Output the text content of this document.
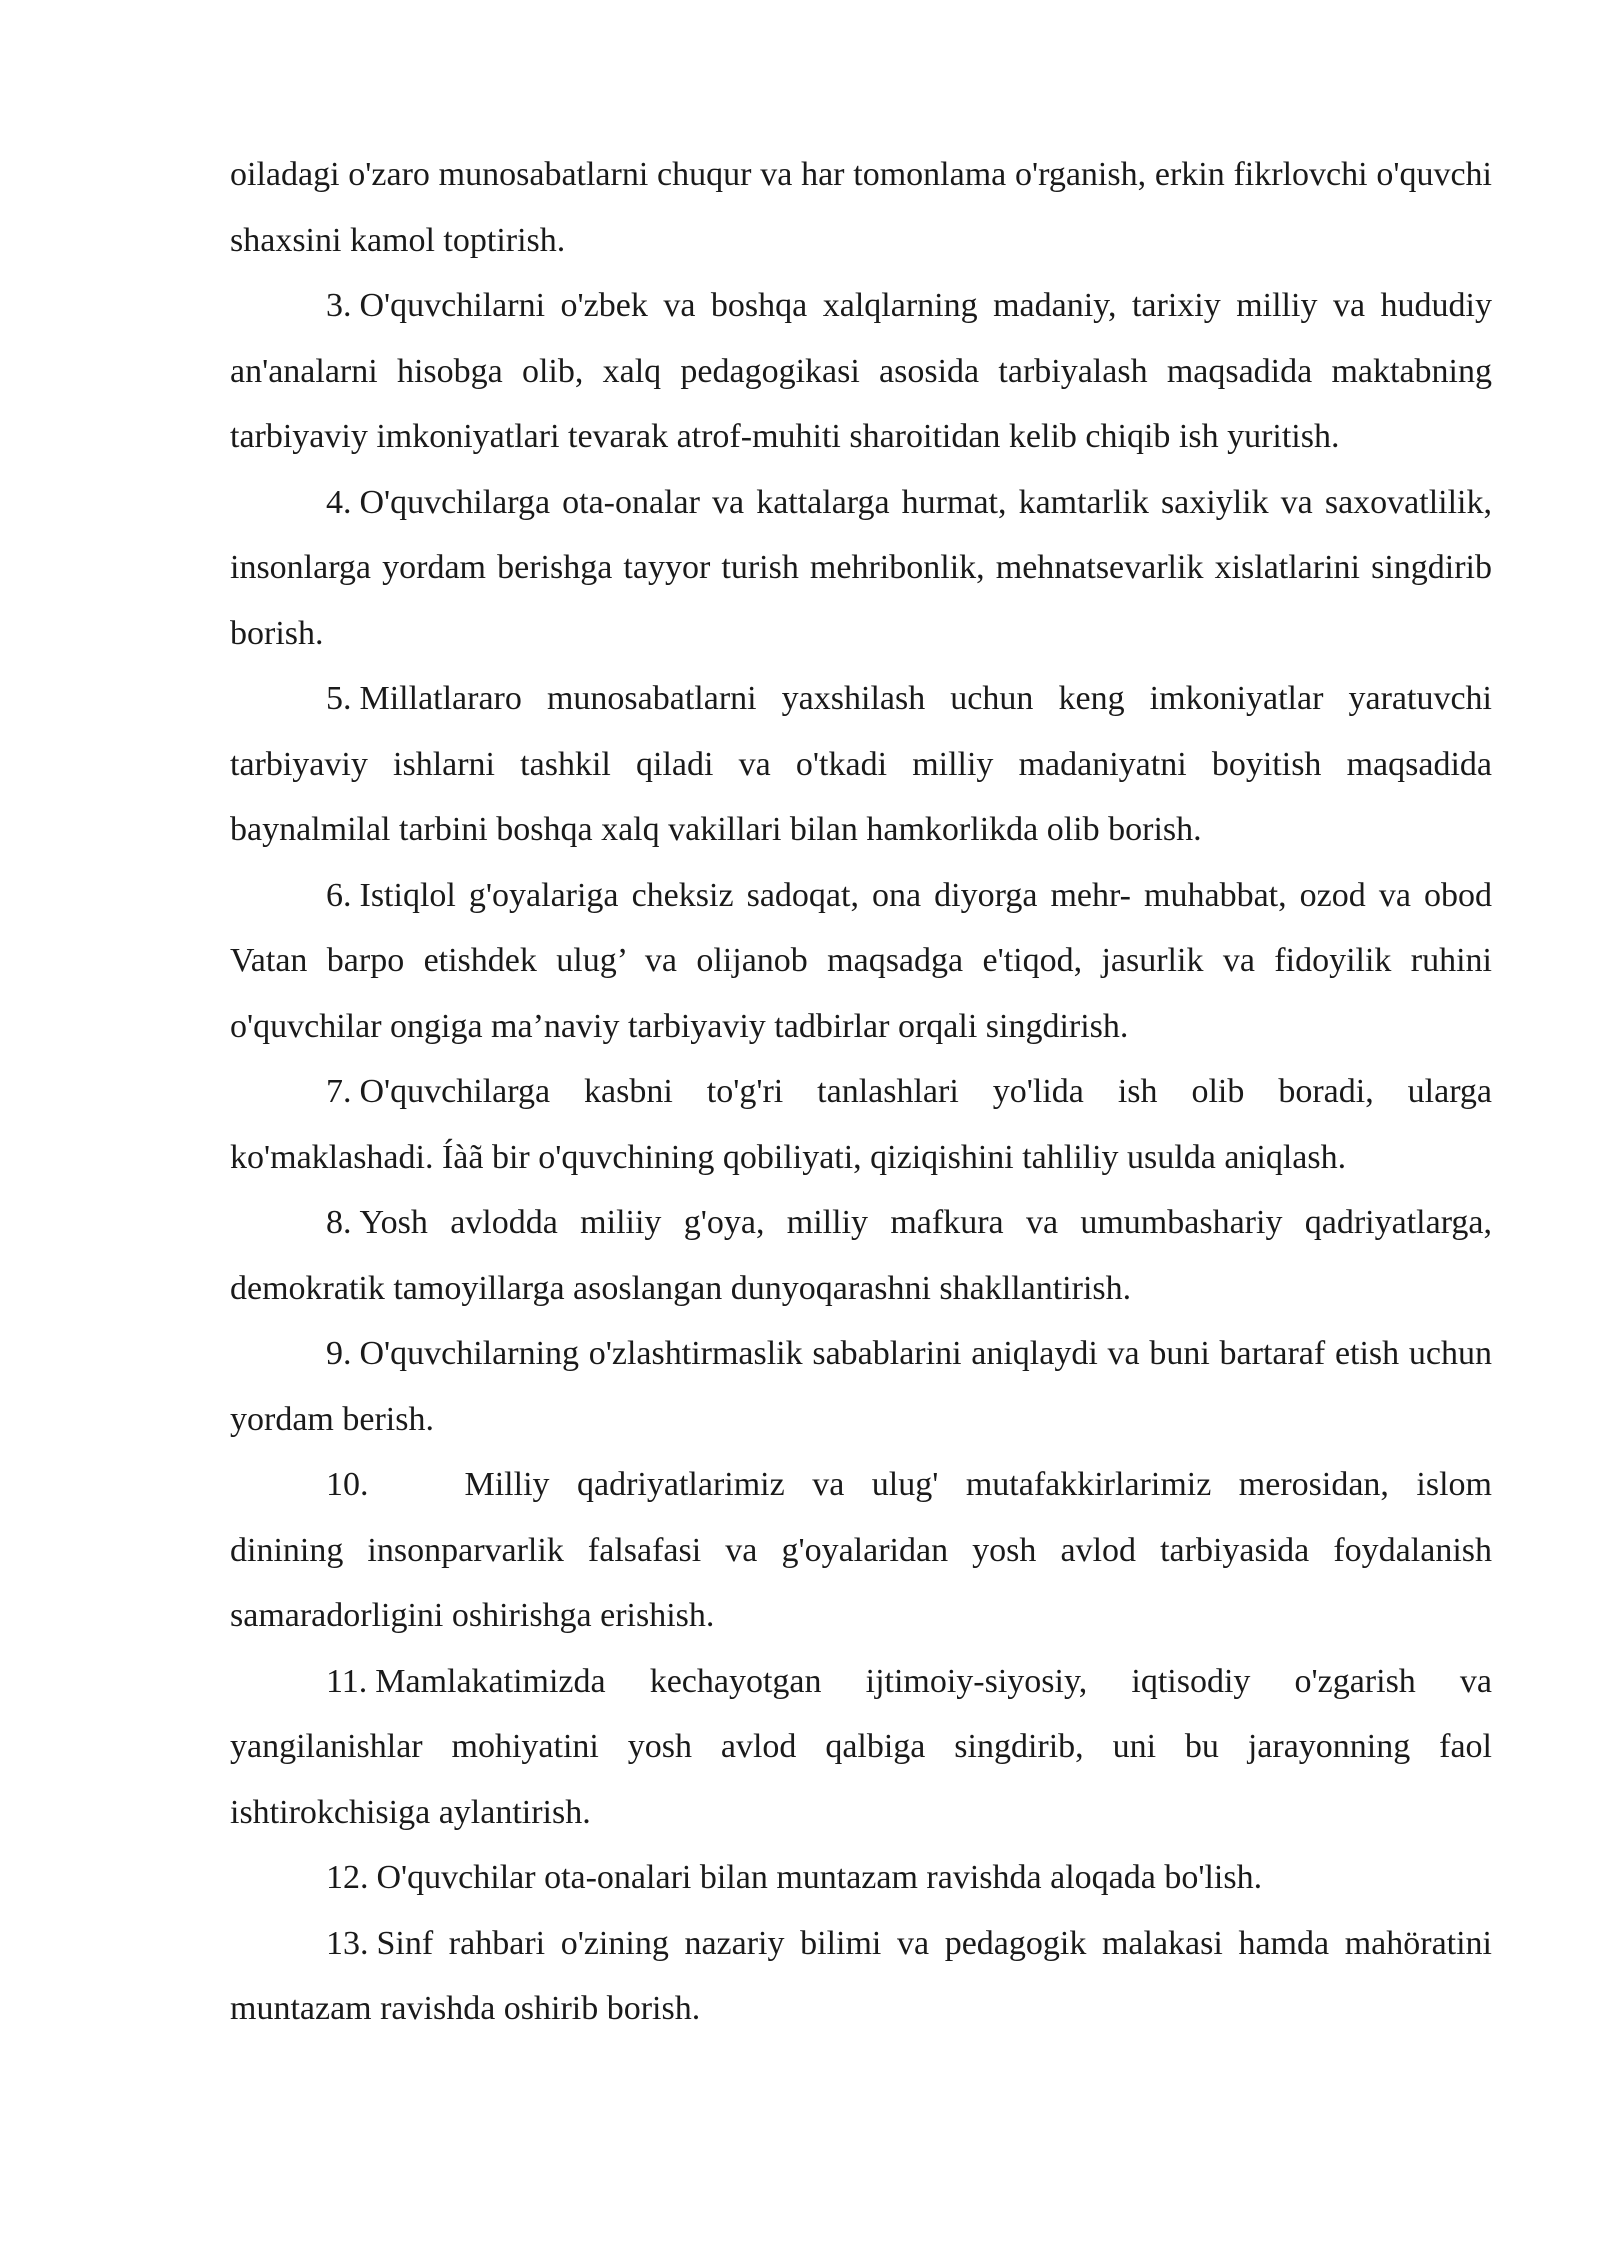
oiladagi o'zaro munosabatlarni chuqur va har tomonlama o'rganish, erkin fikrlovchi o'quvchi shaxsini kamol toptirish.

3. O'quvchilarni o'zbek va boshqa xalqlarning madaniy, tarixiy milliy va hududiy an'analarni hisobga olib, xalq pedagogikasi asosida tarbiyalash maqsadida maktabning tarbiyaviy imkoniyatlari tevarak atrof-muhiti sharoitidan kelib chiqib ish yuritish.

4. O'quvchilarga ota-onalar va kattalarga hurmat, kamtarlik saxiylik va saxovatlilik, insonlarga yordam berishga tayyor turish mehribonlik, mehnatsevarlik xislatlarini singdirib borish.

5. Millatlararo munosabatlarni yaxshilash uchun keng imkoniyatlar yaratuvchi tarbiyaviy ishlarni tashkil qiladi va o'tkadi milliy madaniyatni boyitish maqsadida baynalmilal tarbini boshqa xalq vakillari bilan hamkorlikda olib borish.

6. Istiqlol g'oyalariga cheksiz sadoqat, ona diyorga mehr- muhabbat, ozod va obod Vatan barpo etishdek ulug’ va olijanob maqsadga e'tiqod, jasurlik va fidoyilik ruhini o'quvchilar ongiga ma’naviy tarbiyaviy tadbirlar orqali singdirish.

7. O'quvchilarga kasbni to'g'ri tanlashlari yo'lida ish olib boradi, ularga ko'maklashadi. Íàã bir o'quvchining qobiliyati, qiziqishini tahliliy usulda aniqlash.

8. Yosh avlodda miliiy g'oya, milliy mafkura va umumbashariy qadriyatlarga, demokratik tamoyillarga asoslangan dunyoqarashni shakllantirish.

9. O'quvchilarning o'zlashtirmaslik sabablarini aniqlaydi va buni bartaraf etish uchun yordam berish.

10.	Milliy qadriyatlarimiz va ulug' mutafakkirlarimiz merosidan, islom dinining insonparvarlik falsafasi va g'oyalaridan yosh avlod tarbiyasida foydalanish samaradorligini oshirishga erishish.

11. Mamlakatimizda kechayotgan ijtimoiy-siyosiy, iqtisodiy o'zgarish va yangilanishlar mohiyatini yosh avlod qalbiga singdirib, uni bu jarayonning faol ishtirokchisiga aylantirish.

12. O'quvchilar ota-onalari bilan muntazam ravishda aloqada bo'lish.

13. Sinf rahbari o'zining nazariy bilimi va pedagogik malakasi hamda mahöratini muntazam ravishda oshirib borish.
